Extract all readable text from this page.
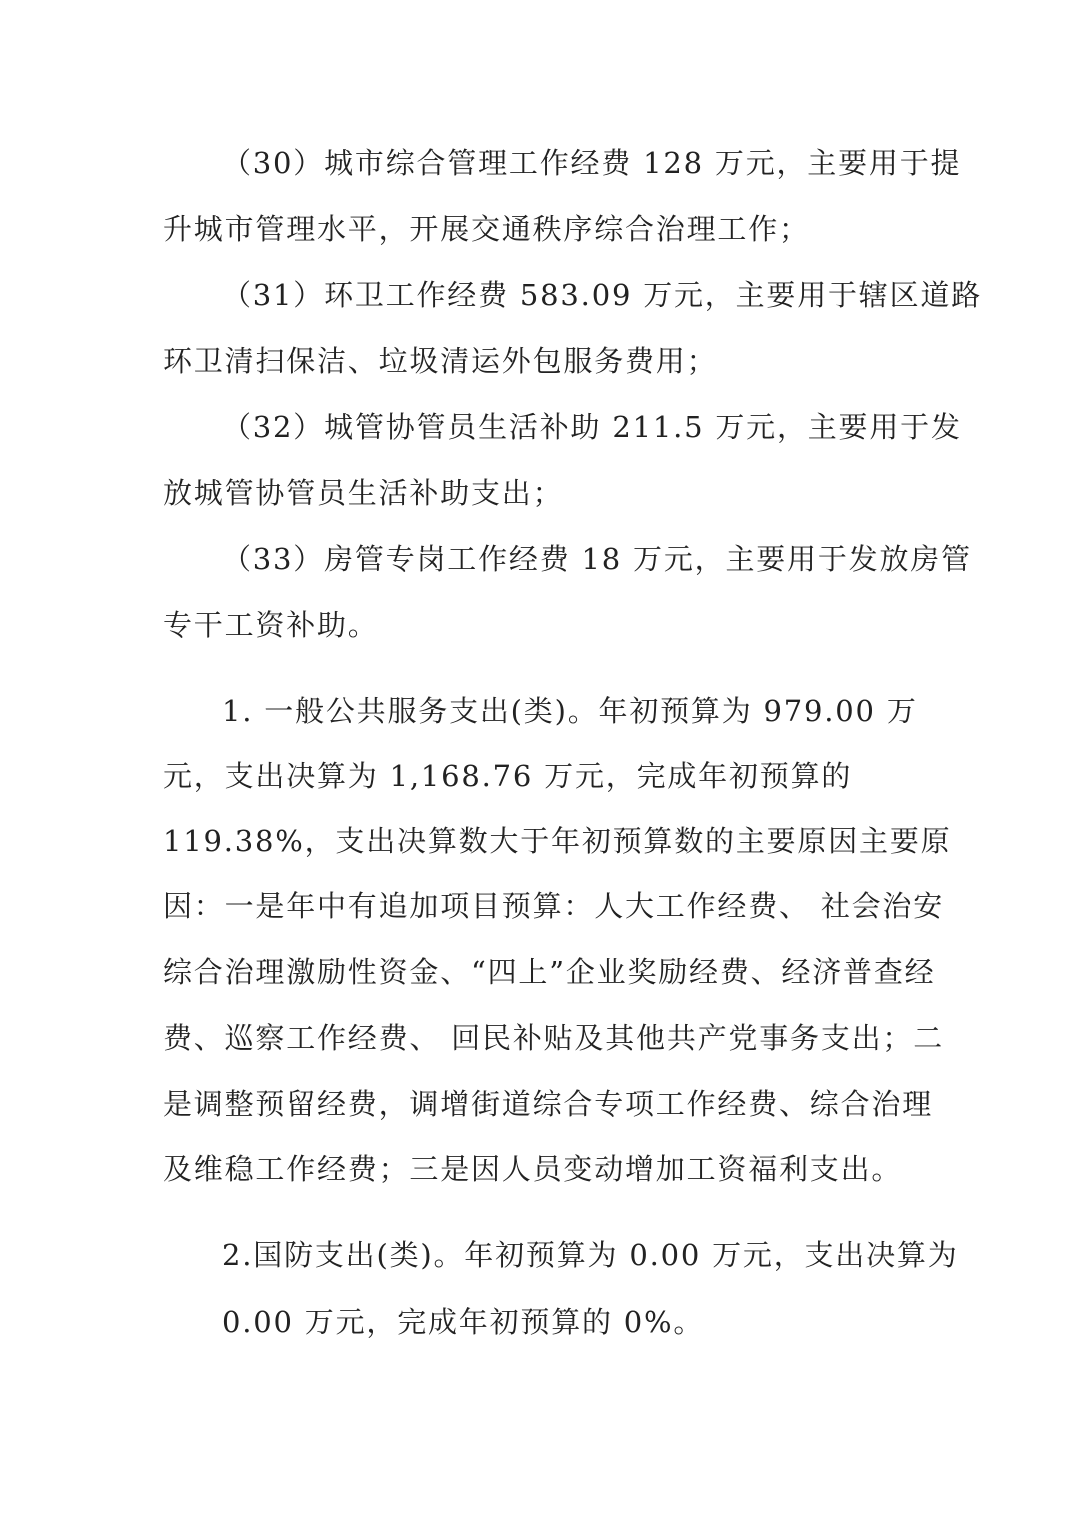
（30）城市综合管理工作经费 128 万元，主要用于提
升城市管理水平，开展交通秩序综合治理工作；
（31）环卫工作经费 583.09 万元，主要用于辖区道路
环卫清扫保洁、垃圾清运外包服务费用；
（32）城管协管员生活补助 211.5 万元，主要用于发
放城管协管员生活补助支出；
（33）房管专岗工作经费 18 万元，主要用于发放房管
专干工资补助。
1. 一般公共服务支出(类)。年初预算为 979.00 万
元，支出决算为 1,168.76 万元，完成年初预算的
119.38%，支出决算数大于年初预算数的主要原因主要原
因：一是年中有追加项目预算：人大工作经费、 社会治安
综合治理激励性资金、“四上”企业奖励经费、经济普查经
费、巡察工作经费、 回民补贴及其他共产党事务支出；二
是调整预留经费，调增街道综合专项工作经费、综合治理
及维稳工作经费；三是因人员变动增加工资福利支出。
2.国防支出(类)。年初预算为 0.00 万元，支出决算为
0.00 万元，完成年初预算的 0%。
